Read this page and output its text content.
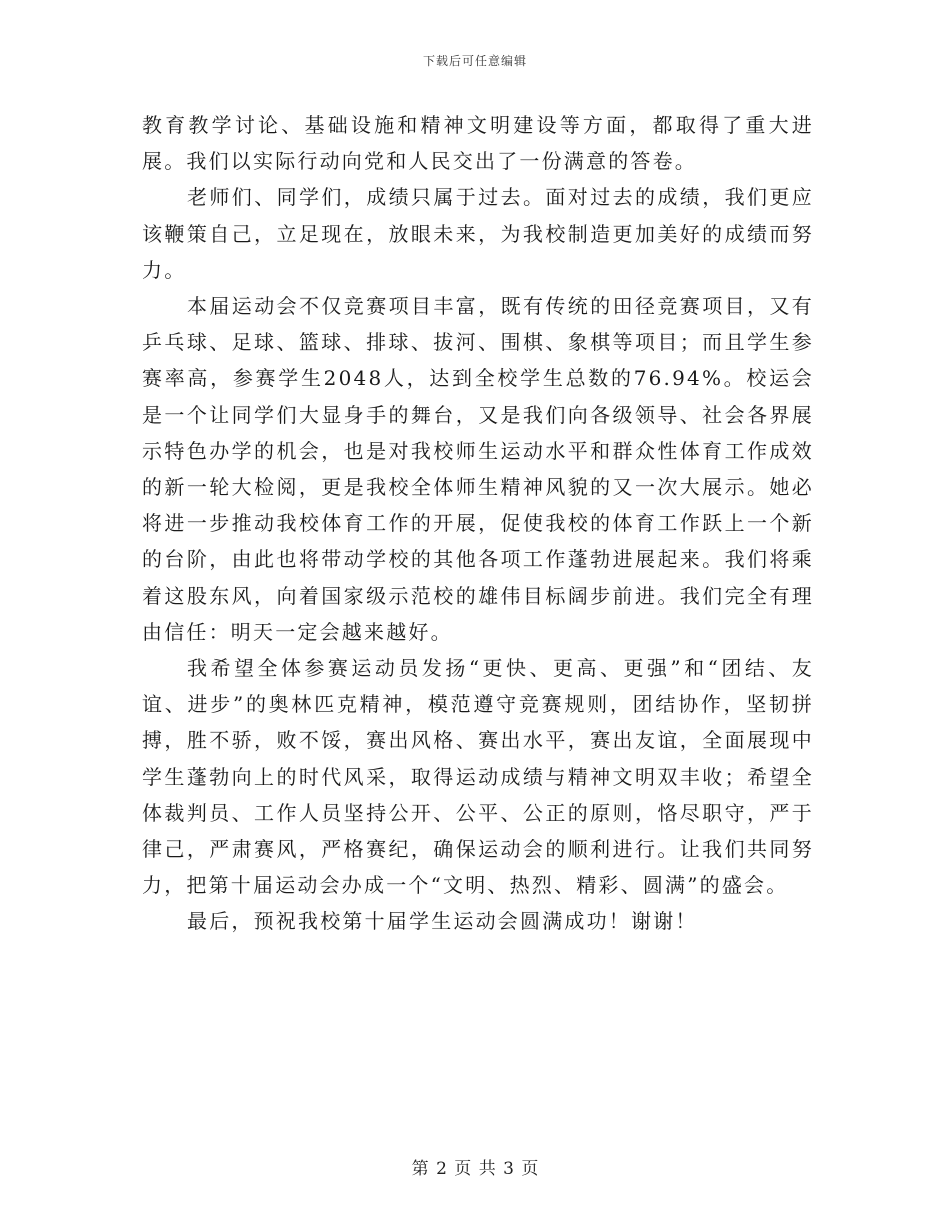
下载后可任意编辑

教育教学讨论、基础设施和精神文明建设等方面，都取得了重大进展。我们以实际行动向党和人民交出了一份满意的答卷。

老师们、同学们，成绩只属于过去。面对过去的成绩，我们更应该鞭策自己，立足现在，放眼未来，为我校制造更加美好的成绩而努力。

本届运动会不仅竞赛项目丰富，既有传统的田径竞赛项目，又有乒乓球、足球、篮球、排球、拔河、围棋、象棋等项目；而且学生参赛率高，参赛学生2048人，达到全校学生总数的76.94%。校运会是一个让同学们大显身手的舞台，又是我们向各级领导、社会各界展示特色办学的机会，也是对我校师生运动水平和群众性体育工作成效的新一轮大检阅，更是我校全体师生精神风貌的又一次大展示。她必将进一步推动我校体育工作的开展，促使我校的体育工作跃上一个新的台阶，由此也将带动学校的其他各项工作蓬勃进展起来。我们将乘着这股东风，向着国家级示范校的雄伟目标阔步前进。我们完全有理由信任：明天一定会越来越好。

我希望全体参赛运动员发扬“更快、更高、更强”和“团结、友谊、进步”的奥林匹克精神，模范遵守竞赛规则，团结协作，坚韧拼搏，胜不骄，败不馁，赛出风格、赛出水平，赛出友谊，全面展现中学生蓬勃向上的时代风采，取得运动成绩与精神文明双丰收；希望全体裁判员、工作人员坚持公开、公平、公正的原则，恪尽职守，严于律己，严肃赛风，严格赛纪，确保运动会的顺利进行。让我们共同努力，把第十届运动会办成一个“文明、热烈、精彩、圆满”的盛会。

最后，预祝我校第十届学生运动会圆满成功！谢谢！

第 2 页 共 3 页
